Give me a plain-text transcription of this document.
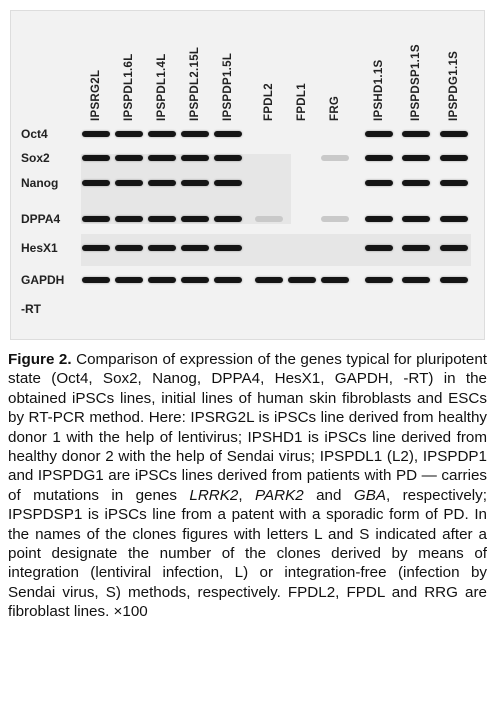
IPSRG2L IPSPDL1.6L IPSPDL1.4L IPSPDL2.15L IPSPDP1.5L	FPDL2 FPDL1 FRG	IPSHD1.1S IPSPDSP1.1S IPSPDG1.1S
Oct4
Sox2
Nanog
DPPA4
HesX1
GAPDH
-RT

Figure 2. Comparison of expression of the genes typical for pluripotent state (Oct4, Sox2, Nanog, DPPA4, HesX1, GAPDH, -RT) in the obtained iPSCs lines, initial lines of human skin fibroblasts and ESCs by RT-PCR method. Here: IPSRG2L is iPSCs line derived from healthy donor 1 with the help of lentivirus; IPSHD1 is iPSCs line derived from healthy donor 2 with the help of Sendai virus; IPSPDL1 (L2), IPSPDP1 and IPSPDG1 are iPSCs lines derived from patients with PD — carries of mutations in genes LRRK2, PARK2 and GBA, respectively; IPSPDSP1 is iPSCs line from a patent with a sporadic form of PD. In the names of the clones figures with letters L and S indicated after a point designate the number of the clones derived by means of integration (lentiviral infection, L) or integration-free (infection by Sendai virus, S) methods, respectively. FPDL2, FPDL and RRG are fibroblast lines. ×100
